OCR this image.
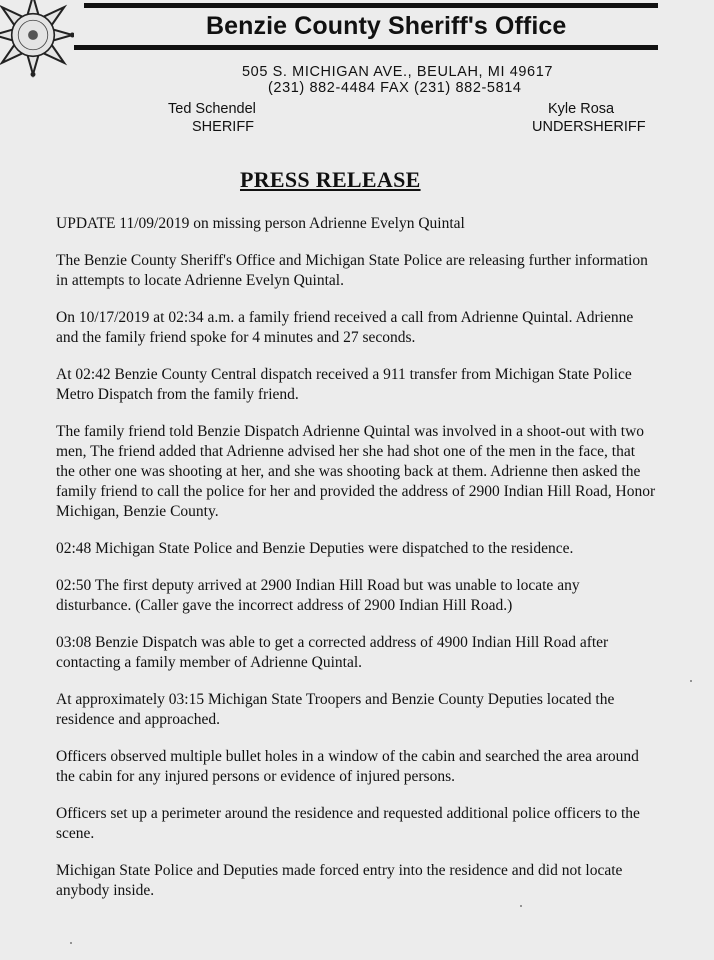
Benzie County Sheriff's Office
505 S. MICHIGAN AVE., BEULAH, MI 49617
(231) 882-4484 FAX (231) 882-5814
Ted Schendel
SHERIFF
Kyle Rosa
UNDERSHERIFF
PRESS RELEASE

UPDATE 11/09/2019 on missing person Adrienne Evelyn Quintal

The Benzie County Sheriff's Office and Michigan State Police are releasing further information in attempts to locate Adrienne Evelyn Quintal.

On 10/17/2019 at 02:34 a.m. a family friend received a call from Adrienne Quintal. Adrienne and the family friend spoke for 4 minutes and 27 seconds.

At 02:42 Benzie County Central dispatch received a 911 transfer from Michigan State Police Metro Dispatch from the family friend.

The family friend told Benzie Dispatch Adrienne Quintal was involved in a shoot-out with two men, The friend added that Adrienne advised her she had shot one of the men in the face, that the other one was shooting at her, and she was shooting back at them. Adrienne then asked the family friend to call the police for her and provided the address of 2900 Indian Hill Road, Honor Michigan, Benzie County.

02:48 Michigan State Police and Benzie Deputies were dispatched to the residence.

02:50 The first deputy arrived at 2900 Indian Hill Road but was unable to locate any disturbance. (Caller gave the incorrect address of 2900 Indian Hill Road.)

03:08 Benzie Dispatch was able to get a corrected address of 4900 Indian Hill Road after contacting a family member of Adrienne Quintal.

At approximately 03:15 Michigan State Troopers and Benzie County Deputies located the residence and approached.

Officers observed multiple bullet holes in a window of the cabin and searched the area around the cabin for any injured persons or evidence of injured persons.

Officers set up a perimeter around the residence and requested additional police officers to the scene.

Michigan State Police and Deputies made forced entry into the residence and did not locate anybody inside.
